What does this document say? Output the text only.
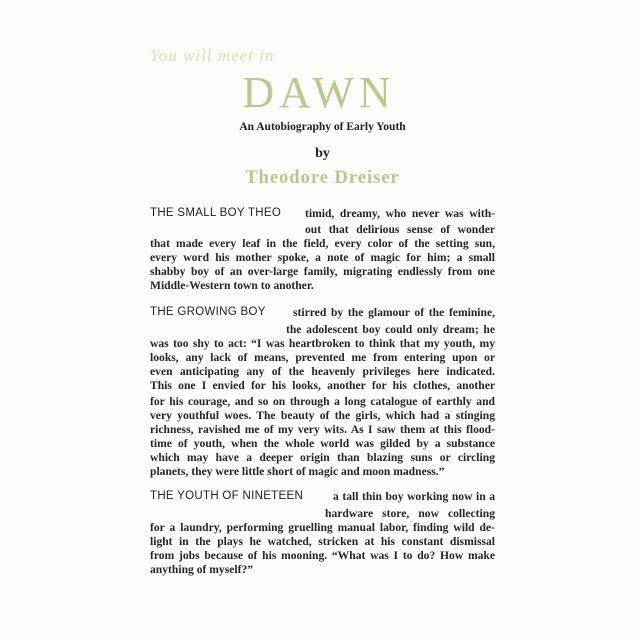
You will meet in
DAWN
An Autobiography of Early Youth
by
Theodore Dreiser
THE SMALL BOY THEO timid, dreamy, who never was with-
out that delirious sense of wonder
that made every leaf in the field, every color of the setting sun,
every word his mother spoke, a note of magic for him; a small
shabby boy of an over-large family, migrating endlessly from one
Middle-Western town to another.
THE GROWING BOY stirred by the glamour of the feminine,
the adolescent boy could only dream; he
was too shy to act: “I was heartbroken to think that my youth, my
looks, any lack of means, prevented me from entering upon or
even anticipating any of the heavenly privileges here indicated.
This one I envied for his looks, another for his clothes, another
for his courage, and so on through a long catalogue of earthly and
very youthful woes. The beauty of the girls, which had a stinging
richness, ravished me of my very wits. As I saw them at this flood-
time of youth, when the whole world was gilded by a substance
which may have a deeper origin than blazing suns or circling
planets, they were little short of magic and moon madness.”
THE YOUTH OF NINETEEN	a tall thin boy working now in a
hardware store, now collecting
for a laundry, performing gruelling manual labor, finding wild de-
light in the plays he watched, stricken at his constant dismissal
from jobs because of his mooning. “What was I to do? How make
anything of myself?”
